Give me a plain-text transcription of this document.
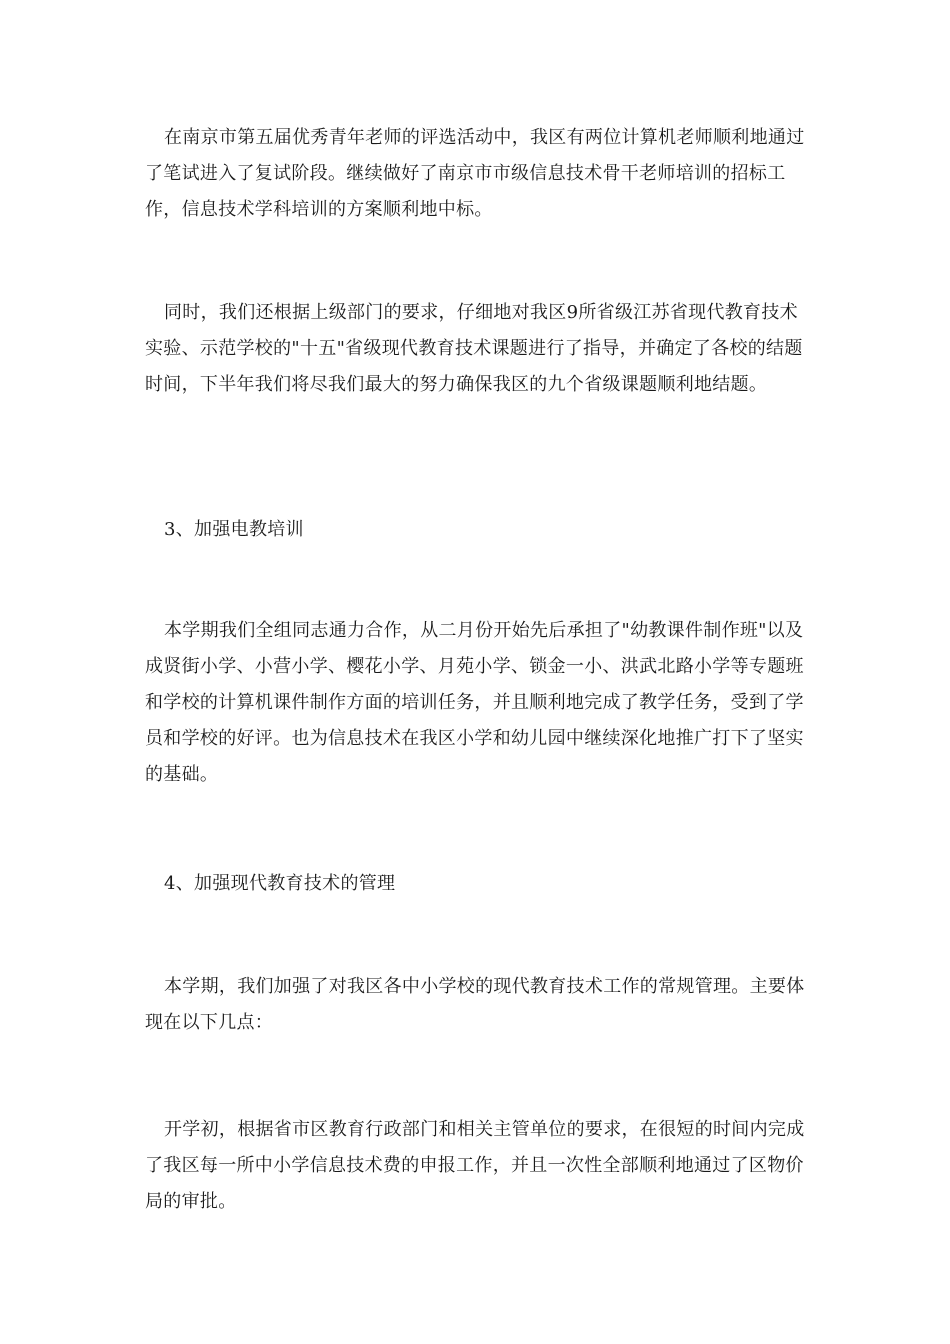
在南京市第五届优秀青年老师的评选活动中，我区有两位计算机老师顺利地通过了笔试进入了复试阶段。继续做好了南京市市级信息技术骨干老师培训的招标工作，信息技术学科培训的方案顺利地中标。

同时，我们还根据上级部门的要求，仔细地对我区9所省级江苏省现代教育技术实验、示范学校的"十五"省级现代教育技术课题进行了指导，并确定了各校的结题时间，下半年我们将尽我们最大的努力确保我区的九个省级课题顺利地结题。

3、加强电教培训

本学期我们全组同志通力合作，从二月份开始先后承担了"幼教课件制作班"以及成贤街小学、小营小学、樱花小学、月苑小学、锁金一小、洪武北路小学等专题班和学校的计算机课件制作方面的培训任务，并且顺利地完成了教学任务，受到了学员和学校的好评。也为信息技术在我区小学和幼儿园中继续深化地推广打下了坚实的基础。

4、加强现代教育技术的管理

本学期，我们加强了对我区各中小学校的现代教育技术工作的常规管理。主要体现在以下几点：

开学初，根据省市区教育行政部门和相关主管单位的要求，在很短的时间内完成了我区每一所中小学信息技术费的申报工作，并且一次性全部顺利地通过了区物价局的审批。
